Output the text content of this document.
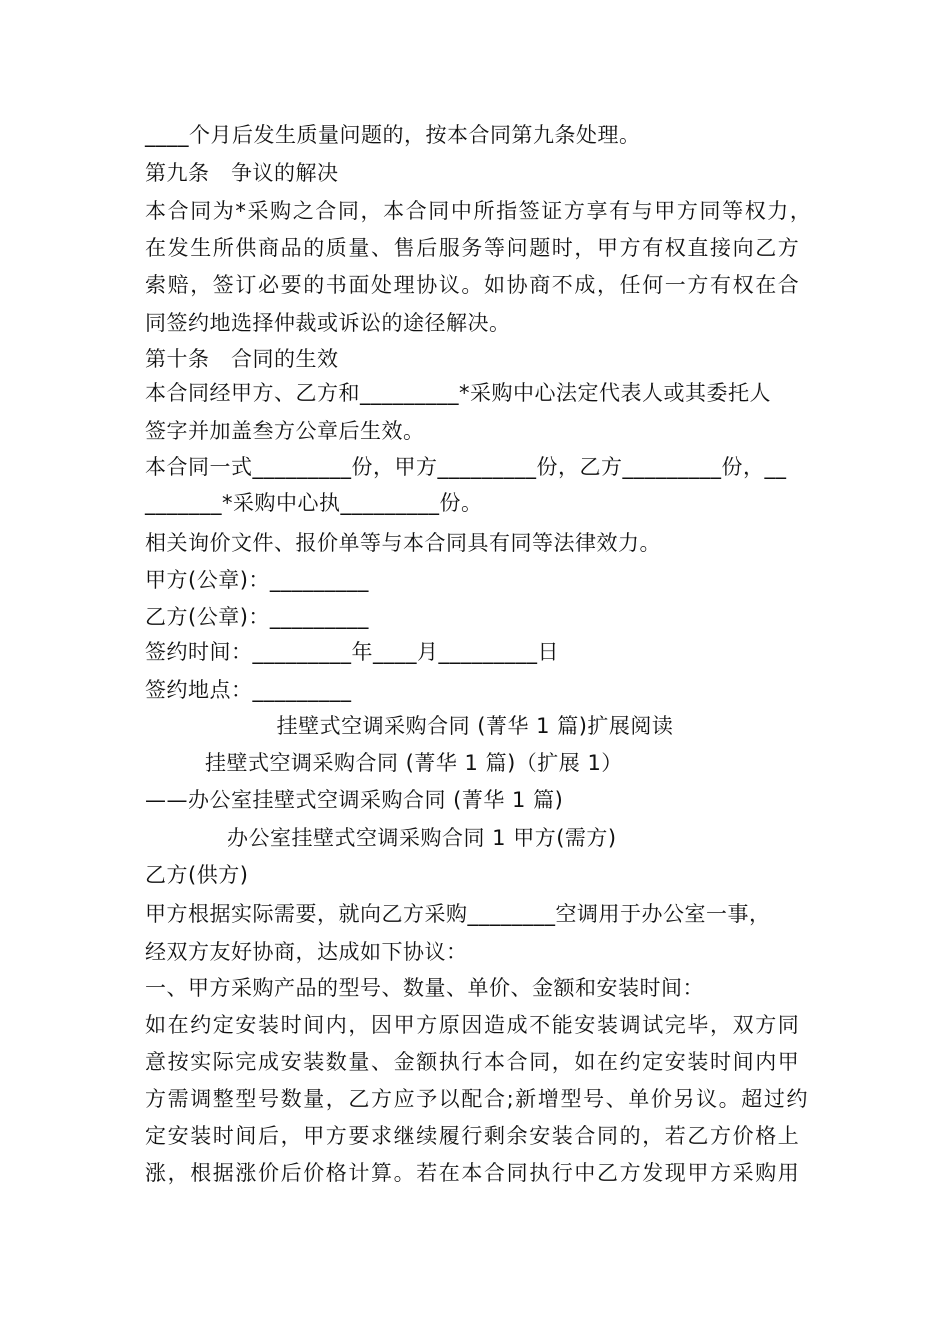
____个月后发生质量问题的，按本合同第九条处理。
第九条　争议的解决
本合同为*采购之合同，本合同中所指签证方享有与甲方同等权力，
在发生所供商品的质量、售后服务等问题时，甲方有权直接向乙方
索赔，签订必要的书面处理协议。如协商不成，任何一方有权在合
同签约地选择仲裁或诉讼的途径解决。
第十条　合同的生效
本合同经甲方、乙方和_________*采购中心法定代表人或其委托人
签字并加盖叁方公章后生效。
本合同一式_________份，甲方_________份，乙方_________份，__
_______*采购中心执_________份。
相关询价文件、报价单等与本合同具有同等法律效力。
甲方(公章)：_________
乙方(公章)：_________
签约时间：_________年____月_________日
签约地点：_________
挂壁式空调采购合同 (菁华 1 篇)扩展阅读
挂壁式空调采购合同 (菁华 1 篇)（扩展 1）
——办公室挂壁式空调采购合同 (菁华 1 篇)
办公室挂壁式空调采购合同 1 甲方(需方)
乙方(供方)
甲方根据实际需要，就向乙方采购________空调用于办公室一事，
经双方友好协商，达成如下协议：
一、甲方采购产品的型号、数量、单价、金额和安装时间：
如在约定安装时间内，因甲方原因造成不能安装调试完毕，双方同
意按实际完成安装数量、金额执行本合同，如在约定安装时间内甲
方需调整型号数量，乙方应予以配合;新增型号、单价另议。超过约
定安装时间后，甲方要求继续履行剩余安装合同的，若乙方价格上
涨，根据涨价后价格计算。若在本合同执行中乙方发现甲方采购用
